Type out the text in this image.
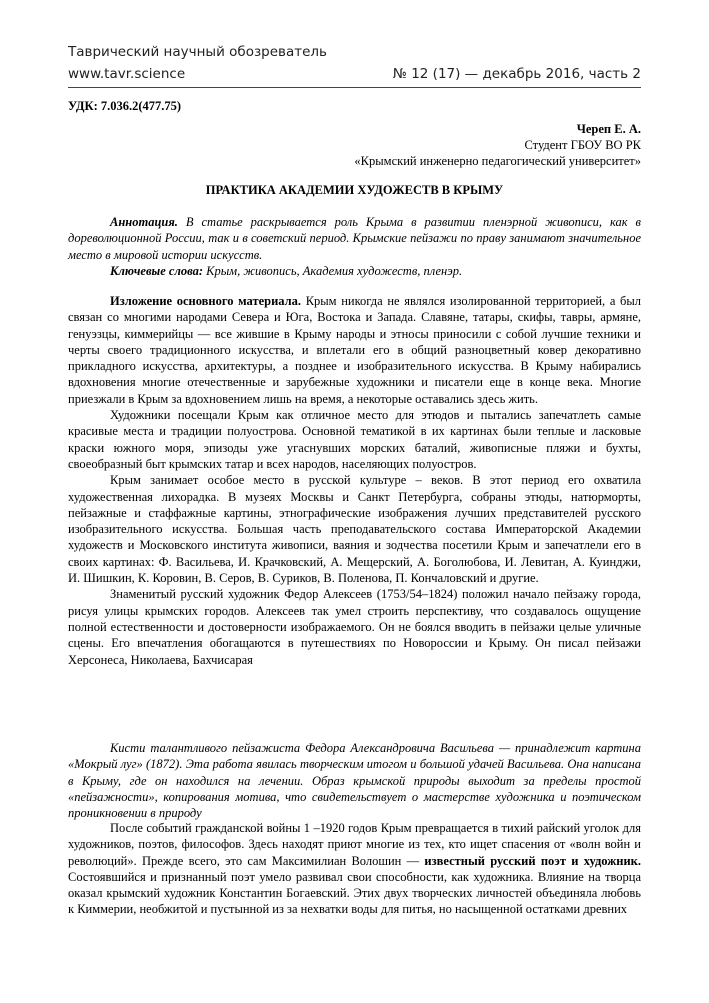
Таврический научный обозреватель
www.tavr.science	№ 12 (17) — декабрь 2016, часть 2
УДК: 7.036.2(477.75)
Череп Е. А.
Студент ГБОУ ВО РК
«Крымский инженерно педагогический университет»
ПРАКТИКА АКАДЕМИИ ХУДОЖЕСТВ В КРЫМУ

Аннотация. В статье раскрывается роль Крыма в развитии пленэрной живописи, как в дореволюционной России, так и в советский период. Крымские пейзажи по праву занимают значительное место в мировой истории искусств.

Ключевые слова: Крым, живопись, Академия художеств, пленэр.

Изложение основного материала. Крым никогда не являлся изолированной территорией, а был связан со многими народами Севера и Юга, Востока и Запада. Славяне, татары, скифы, тавры, армяне, генуэзцы, киммерийцы — все жившие в Крыму народы и этносы приносили с собой лучшие техники и черты своего традиционного искусства, и вплетали его в общий разноцветный ковер декоративно прикладного искусства, архитектуры, а позднее и изобразительного искусства. В Крыму набирались вдохновения многие отечественные и зарубежные художники и писатели еще в конце века. Многие приезжали в Крым за вдохновением лишь на время, а некоторые оставались здесь жить.

Художники посещали Крым как отличное место для этюдов и пытались запечатлеть самые красивые места и традиции полуострова. Основной тематикой в их картинах были теплые и ласковые краски южного моря, эпизоды уже угаснувших морских баталий, живописные пляжи и бухты, своеобразный быт крымских татар и всех народов, населяющих полуостров.

Крым занимает особое место в русской культуре – веков. В этот период его охватила художественная лихорадка. В музеях Москвы и Санкт Петербурга, собраны этюды, натюрморты, пейзажные и стаффажные картины, этнографические изображения лучших представителей русского изобразительного искусства. Большая часть преподавательского состава Императорской Академии художеств и Московского института живописи, ваяния и зодчества посетили Крым и запечатлели его в своих картинах: Ф. Васильева, И. Крачковский, А. Мещерский, А. Боголюбова, И. Левитан, А. Куинджи, И. Шишкин, К. Коровин, В. Серов, В. Суриков, В. Поленова, П. Кончаловский и другие.

Знаменитый русский художник Федор Алексеев (1753/54–1824) положил начало пейзажу города, рисуя улицы крымских городов. Алексеев так умел строить перспективу, что создавалось ощущение полной естественности и достоверности изображаемого. Он не боялся вводить в пейзажи целые уличные сцены. Его впечатления обогащаются в путешествиях по Новороссии и Крыму. Он писал пейзажи Херсонеса, Николаева, Бахчисарая

Кисти талантливого пейзажиста Федора Александровича Васильева — принадлежит картина «Мокрый луг» (1872). Эта работа явилась творческим итогом и большой удачей Васильева. Она написана в Крыму, где он находился на лечении. Образ крымской природы выходит за пределы простой «пейзажности», копирования мотива, что свидетельствует о мастерстве художника и поэтическом проникновении в природу

После событий гражданской войны 1 –1920 годов Крым превращается в тихий райский уголок для художников, поэтов, философов. Здесь находят приют многие из тех, кто ищет спасения от «волн войн и революций». Прежде всего, это сам Максимилиан Волошин — известный русский поэт и художник. Состоявшийся и признанный поэт умело развивал свои способности, как художника. Влияние на творца оказал крымский художник Константин Богаевский. Этих двух творческих личностей объединяла любовь к Киммерии, необжитой и пустынной из за нехватки воды для питья, но насыщенной остатками древних
